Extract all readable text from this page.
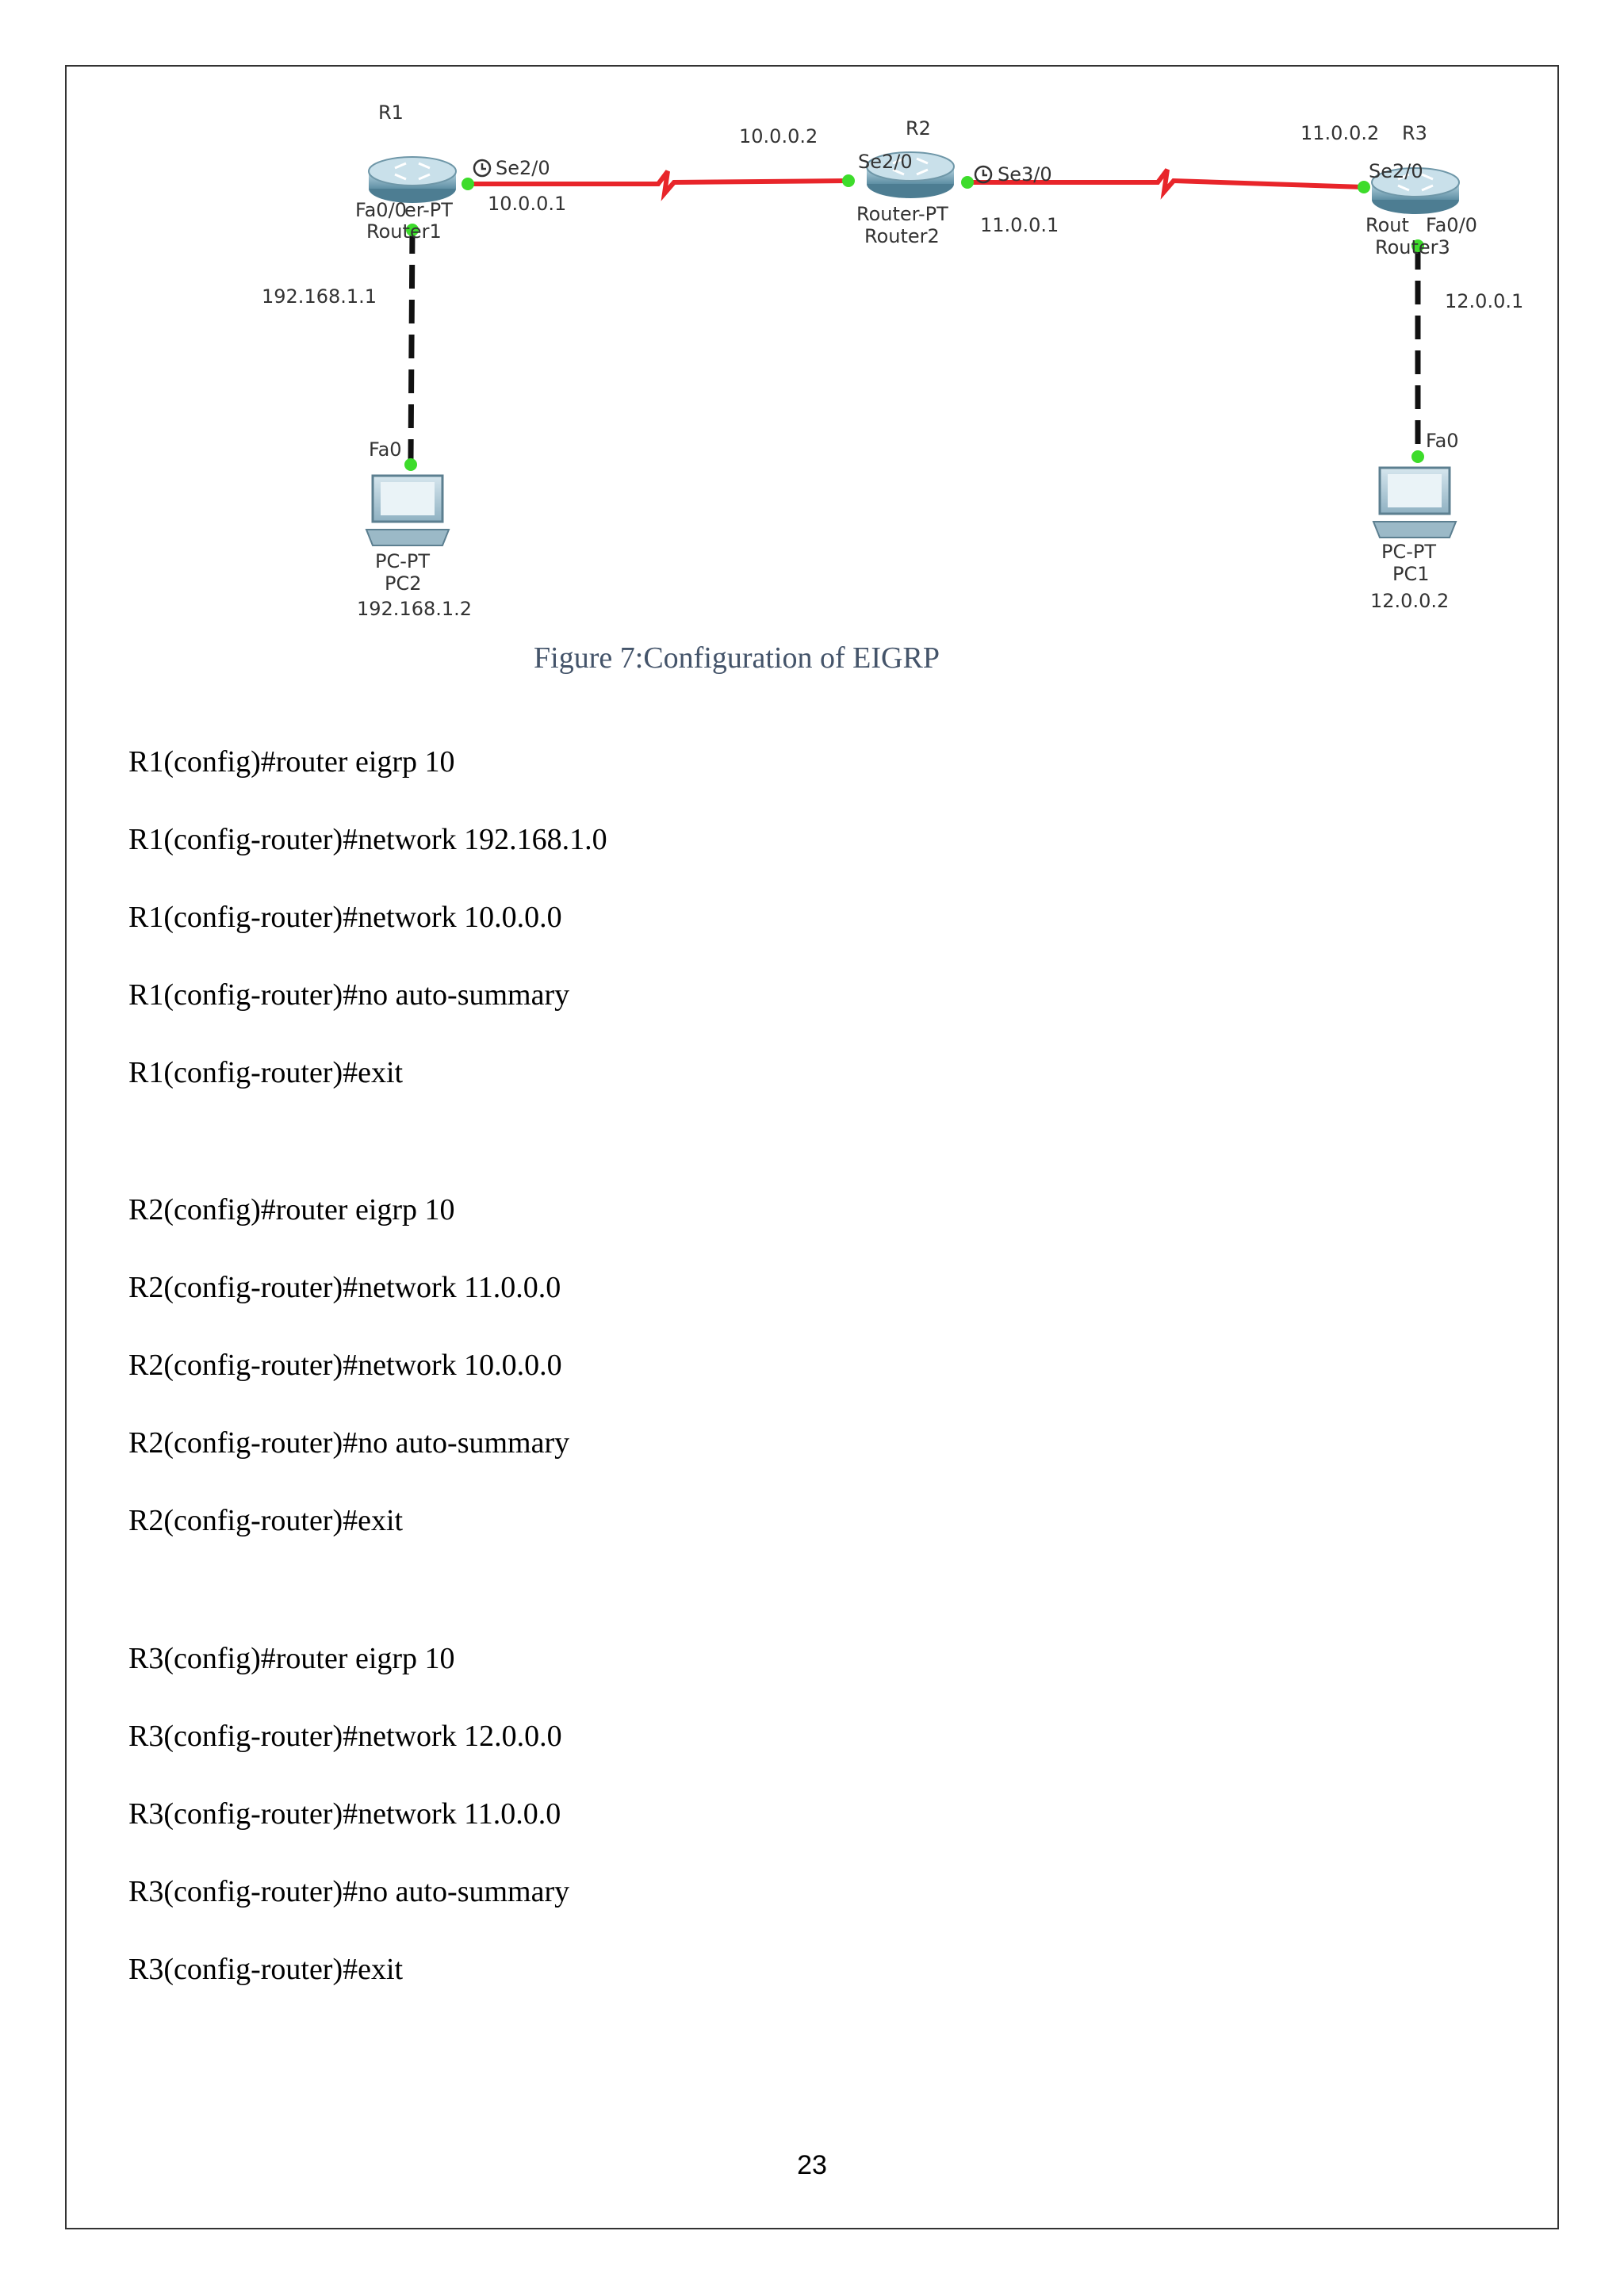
R1
Se2/0
10.0.0.1
Fa0/0
er-PT
Router1
192.168.1.1
R2
10.0.0.2
Se2/0
Se3/0
Router-PT
Router2 11.0.0.1
R3
11.0.0.2
Se2/0
Rout Fa0/0
Router3
12.0.0.1
Fa0
PC-PT
PC2
192.168.1.2
Fa0
PC-PT
PC1
12.0.0.2
Figure 7:Configuration of EIGRP
R1(config)#router eigrp 10
R1(config-router)#network 192.168.1.0
R1(config-router)#network 10.0.0.0
R1(config-router)#no auto-summary
R1(config-router)#exit
R2(config)#router eigrp 10
R2(config-router)#network 11.0.0.0
R2(config-router)#network 10.0.0.0
R2(config-router)#no auto-summary
R2(config-router)#exit
R3(config)#router eigrp 10
R3(config-router)#network 12.0.0.0
R3(config-router)#network 11.0.0.0
R3(config-router)#no auto-summary
R3(config-router)#exit
23
